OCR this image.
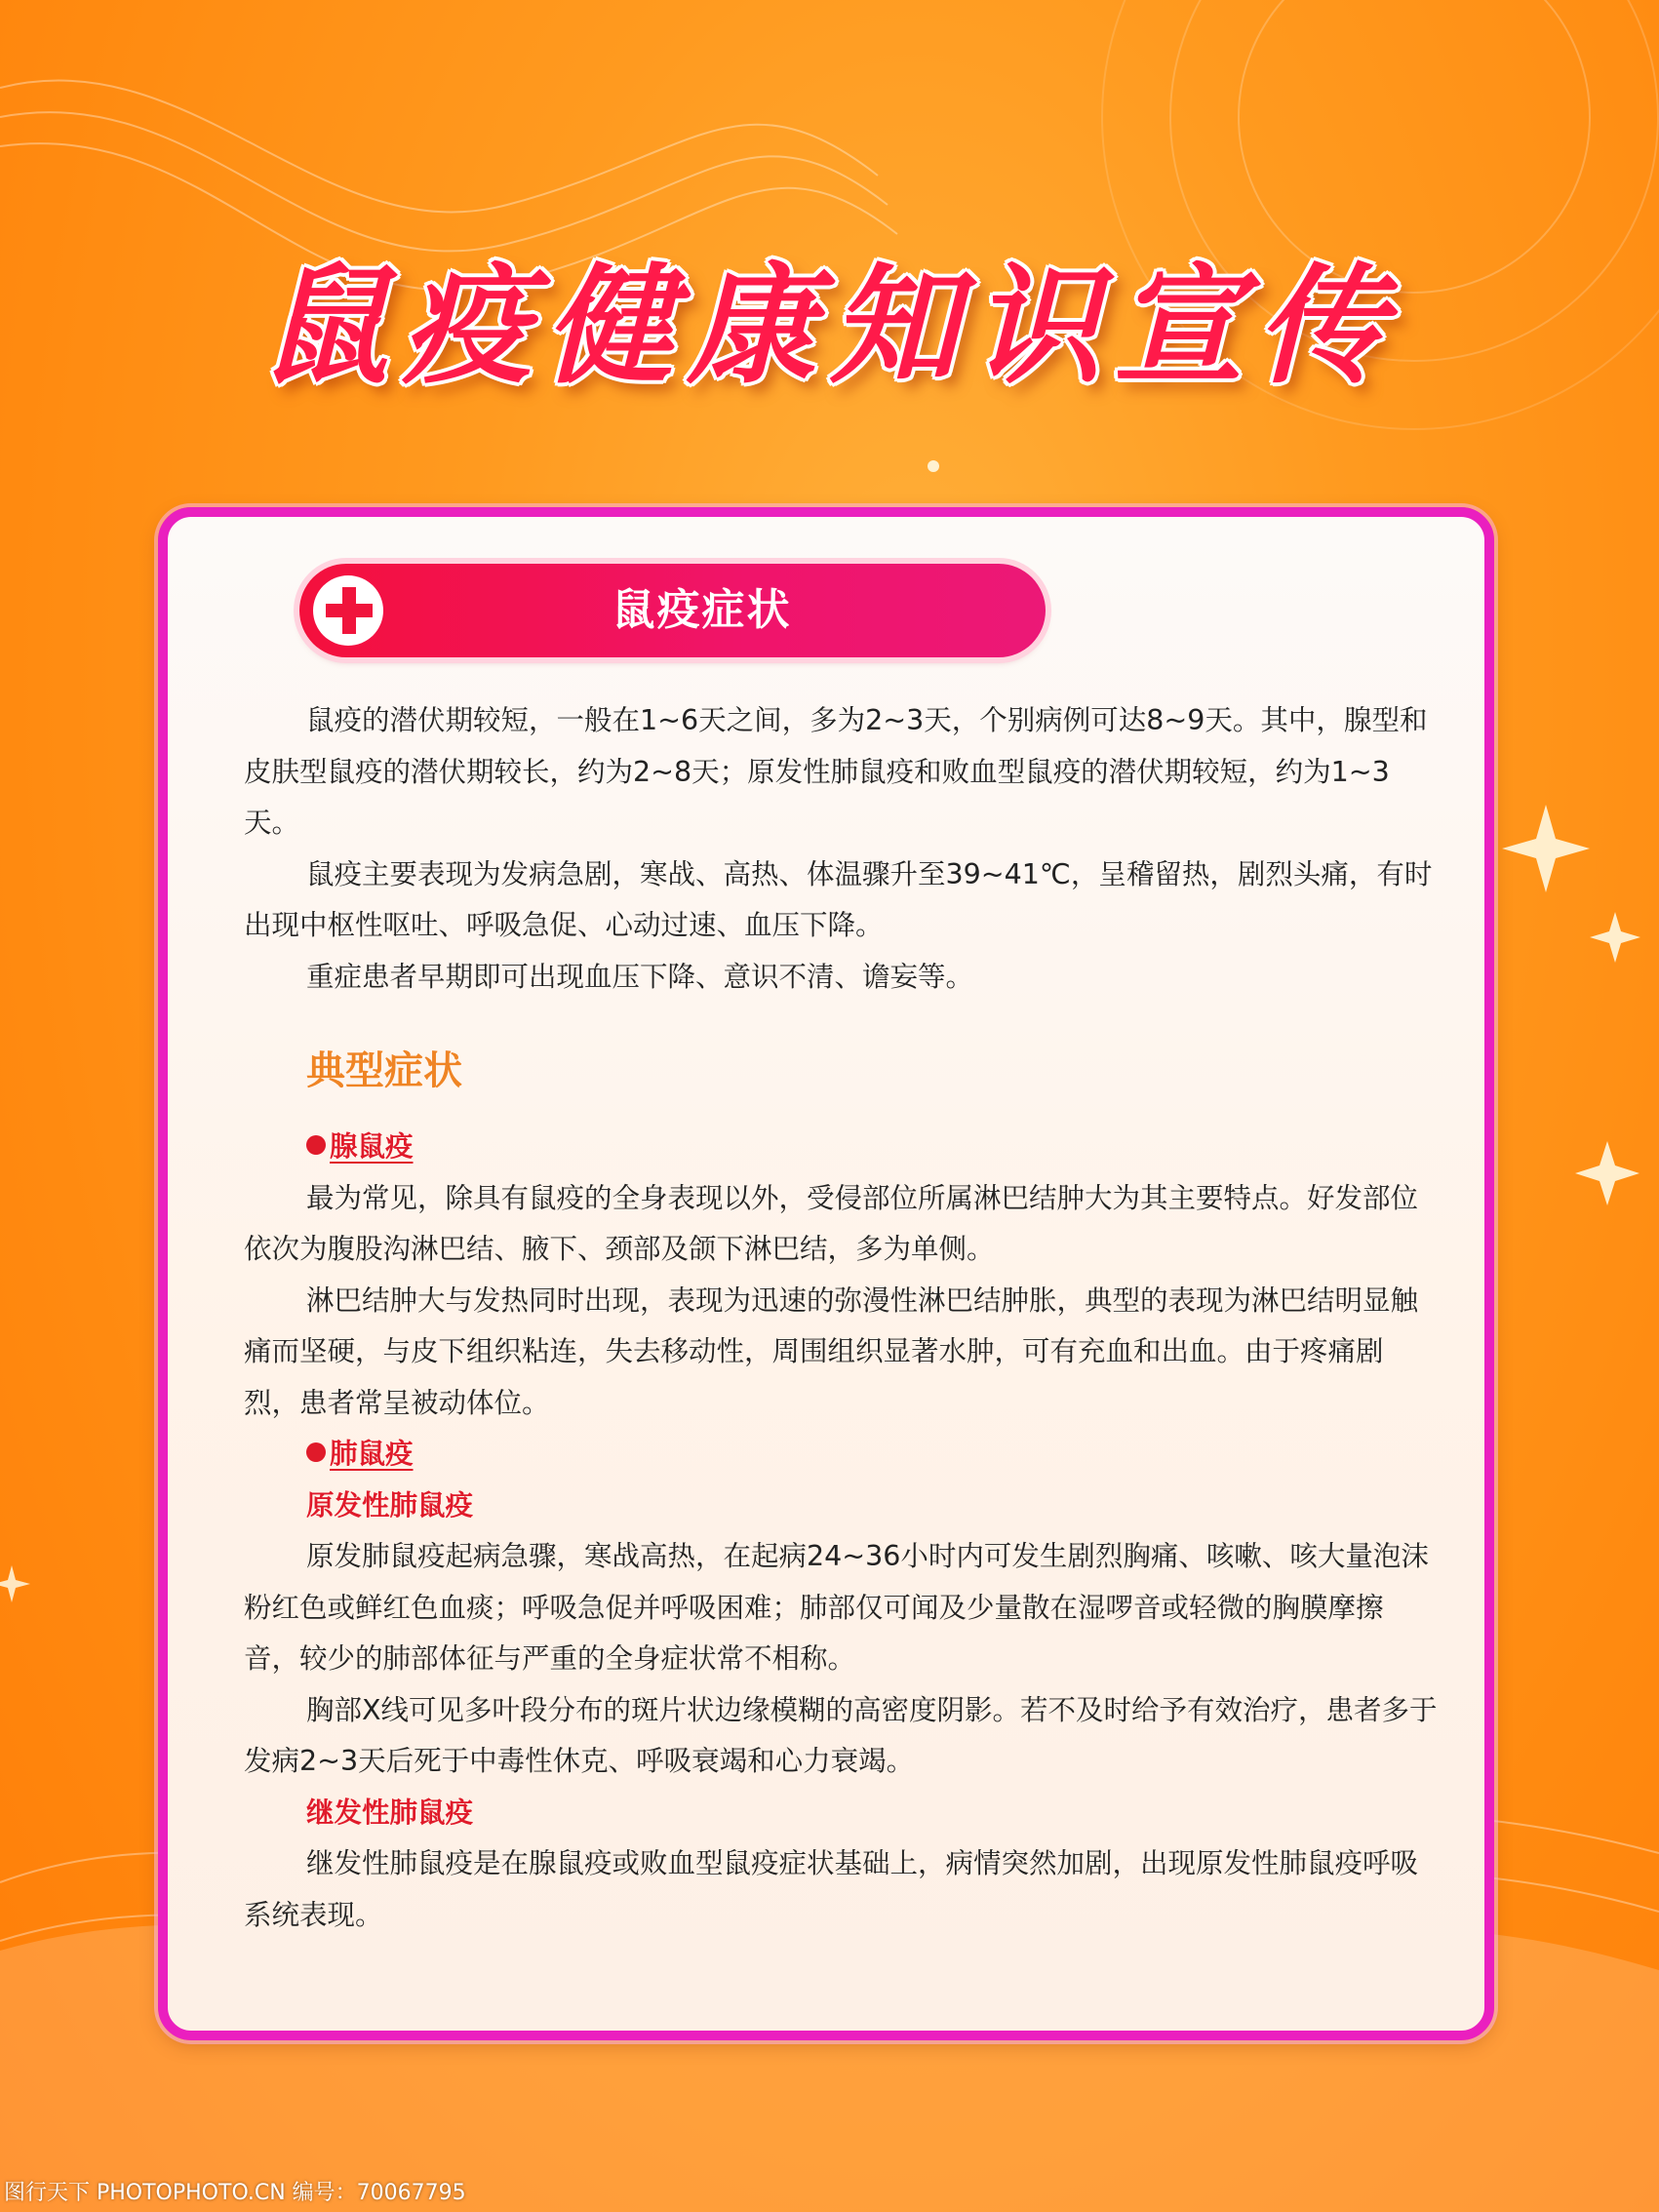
鼠疫健康知识宣传
鼠疫症状

鼠疫的潜伏期较短，一般在1~6天之间，多为2~3天，个别病例可达8~9天。其中，腺型和皮肤型鼠疫的潜伏期较长，约为2~8天；原发性肺鼠疫和败血型鼠疫的潜伏期较短，约为1~3天。

鼠疫主要表现为发病急剧，寒战、高热、体温骤升至39~41℃，呈稽留热，剧烈头痛，有时出现中枢性呕吐、呼吸急促、心动过速、血压下降。

重症患者早期即可出现血压下降、意识不清、谵妄等。

典型症状
腺鼠疫

最为常见，除具有鼠疫的全身表现以外，受侵部位所属淋巴结肿大为其主要特点。好发部位依次为腹股沟淋巴结、腋下、颈部及颌下淋巴结，多为单侧。

淋巴结肿大与发热同时出现，表现为迅速的弥漫性淋巴结肿胀，典型的表现为淋巴结明显触痛而坚硬，与皮下组织粘连，失去移动性，周围组织显著水肿，可有充血和出血。由于疼痛剧烈，患者常呈被动体位。

肺鼠疫
原发性肺鼠疫

原发肺鼠疫起病急骤，寒战高热，在起病24~36小时内可发生剧烈胸痛、咳嗽、咳大量泡沫粉红色或鲜红色血痰；呼吸急促并呼吸困难；肺部仅可闻及少量散在湿啰音或轻微的胸膜摩擦音，较少的肺部体征与严重的全身症状常不相称。

胸部X线可见多叶段分布的斑片状边缘模糊的高密度阴影。若不及时给予有效治疗，患者多于发病2~3天后死于中毒性休克、呼吸衰竭和心力衰竭。

继发性肺鼠疫

继发性肺鼠疫是在腺鼠疫或败血型鼠疫症状基础上，病情突然加剧，出现原发性肺鼠疫呼吸系统表现。

图行天下 PHOTOPHOTO.CN 编号：70067795
